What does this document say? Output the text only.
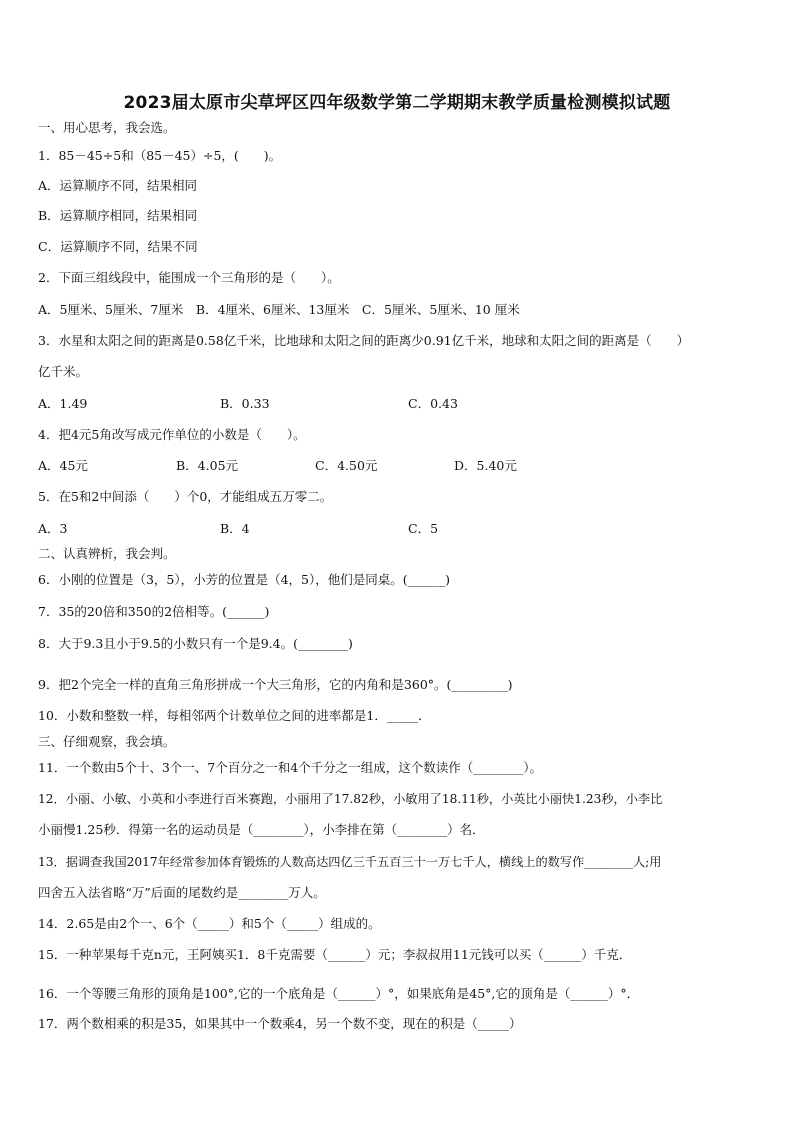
2023届太原市尖草坪区四年级数学第二学期期末教学质量检测模拟试题
一、用心思考，我会选。
1．85－45÷5和（85－45）÷5，(　　)。
A．运算顺序不同，结果相同
B．运算顺序相同，结果相同
C．运算顺序不同，结果不同
2．下面三组线段中，能围成一个三角形的是（　　）。
A．5厘米、5厘米、7厘米　B．4厘米、6厘米、13厘米　C．5厘米、5厘米、10 厘米
3．水星和太阳之间的距离是0.58亿千米，比地球和太阳之间的距离少0.91亿千米，地球和太阳之间的距离是（　　）
亿千米。
A．1.49	B．0.33	C．0.43
4．把4元5角改写成元作单位的小数是（　　）。
A．45元	B．4.05元	C．4.50元	D．5.40元
5．在5和2中间添（　　）个0，才能组成五万零二。
A．3	B．4	C．5
二、认真辨析，我会判。
6．小刚的位置是（3，5），小芳的位置是（4，5），他们是同桌。(______)
7．35的20倍和350的2倍相等。(______)
8．大于9.3且小于9.5的小数只有一个是9.4。(________)
9．把2个完全一样的直角三角形拼成一个大三角形，它的内角和是360°。(_________)
10．小数和整数一样，每相邻两个计数单位之间的进率都是1．_____．
三、仔细观察，我会填。
11．一个数由5个十、3个一、7个百分之一和4个千分之一组成，这个数读作（________）。
12．小丽、小敏、小英和小李进行百米赛跑，小丽用了17.82秒，小敏用了18.11秒，小英比小丽快1.23秒，小李比
小丽慢1.25秒．得第一名的运动员是（________），小李排在第（________）名．
13．据调查我国2017年经常参加体育锻炼的人数高达四亿三千五百三十一万七千人，横线上的数写作________人;用
四舍五入法省略“万”后面的尾数约是________万人。
14．2.65是由2个一、6个（_____）和5个（_____）组成的。
15．一种苹果每千克n元，王阿姨买1．8千克需要（______）元；李叔叔用11元钱可以买（______）千克．
16．一个等腰三角形的顶角是100°,它的一个底角是（______）°，如果底角是45°,它的顶角是（______）°．
17．两个数相乘的积是35，如果其中一个数乘4，另一个数不变，现在的积是（_____）
